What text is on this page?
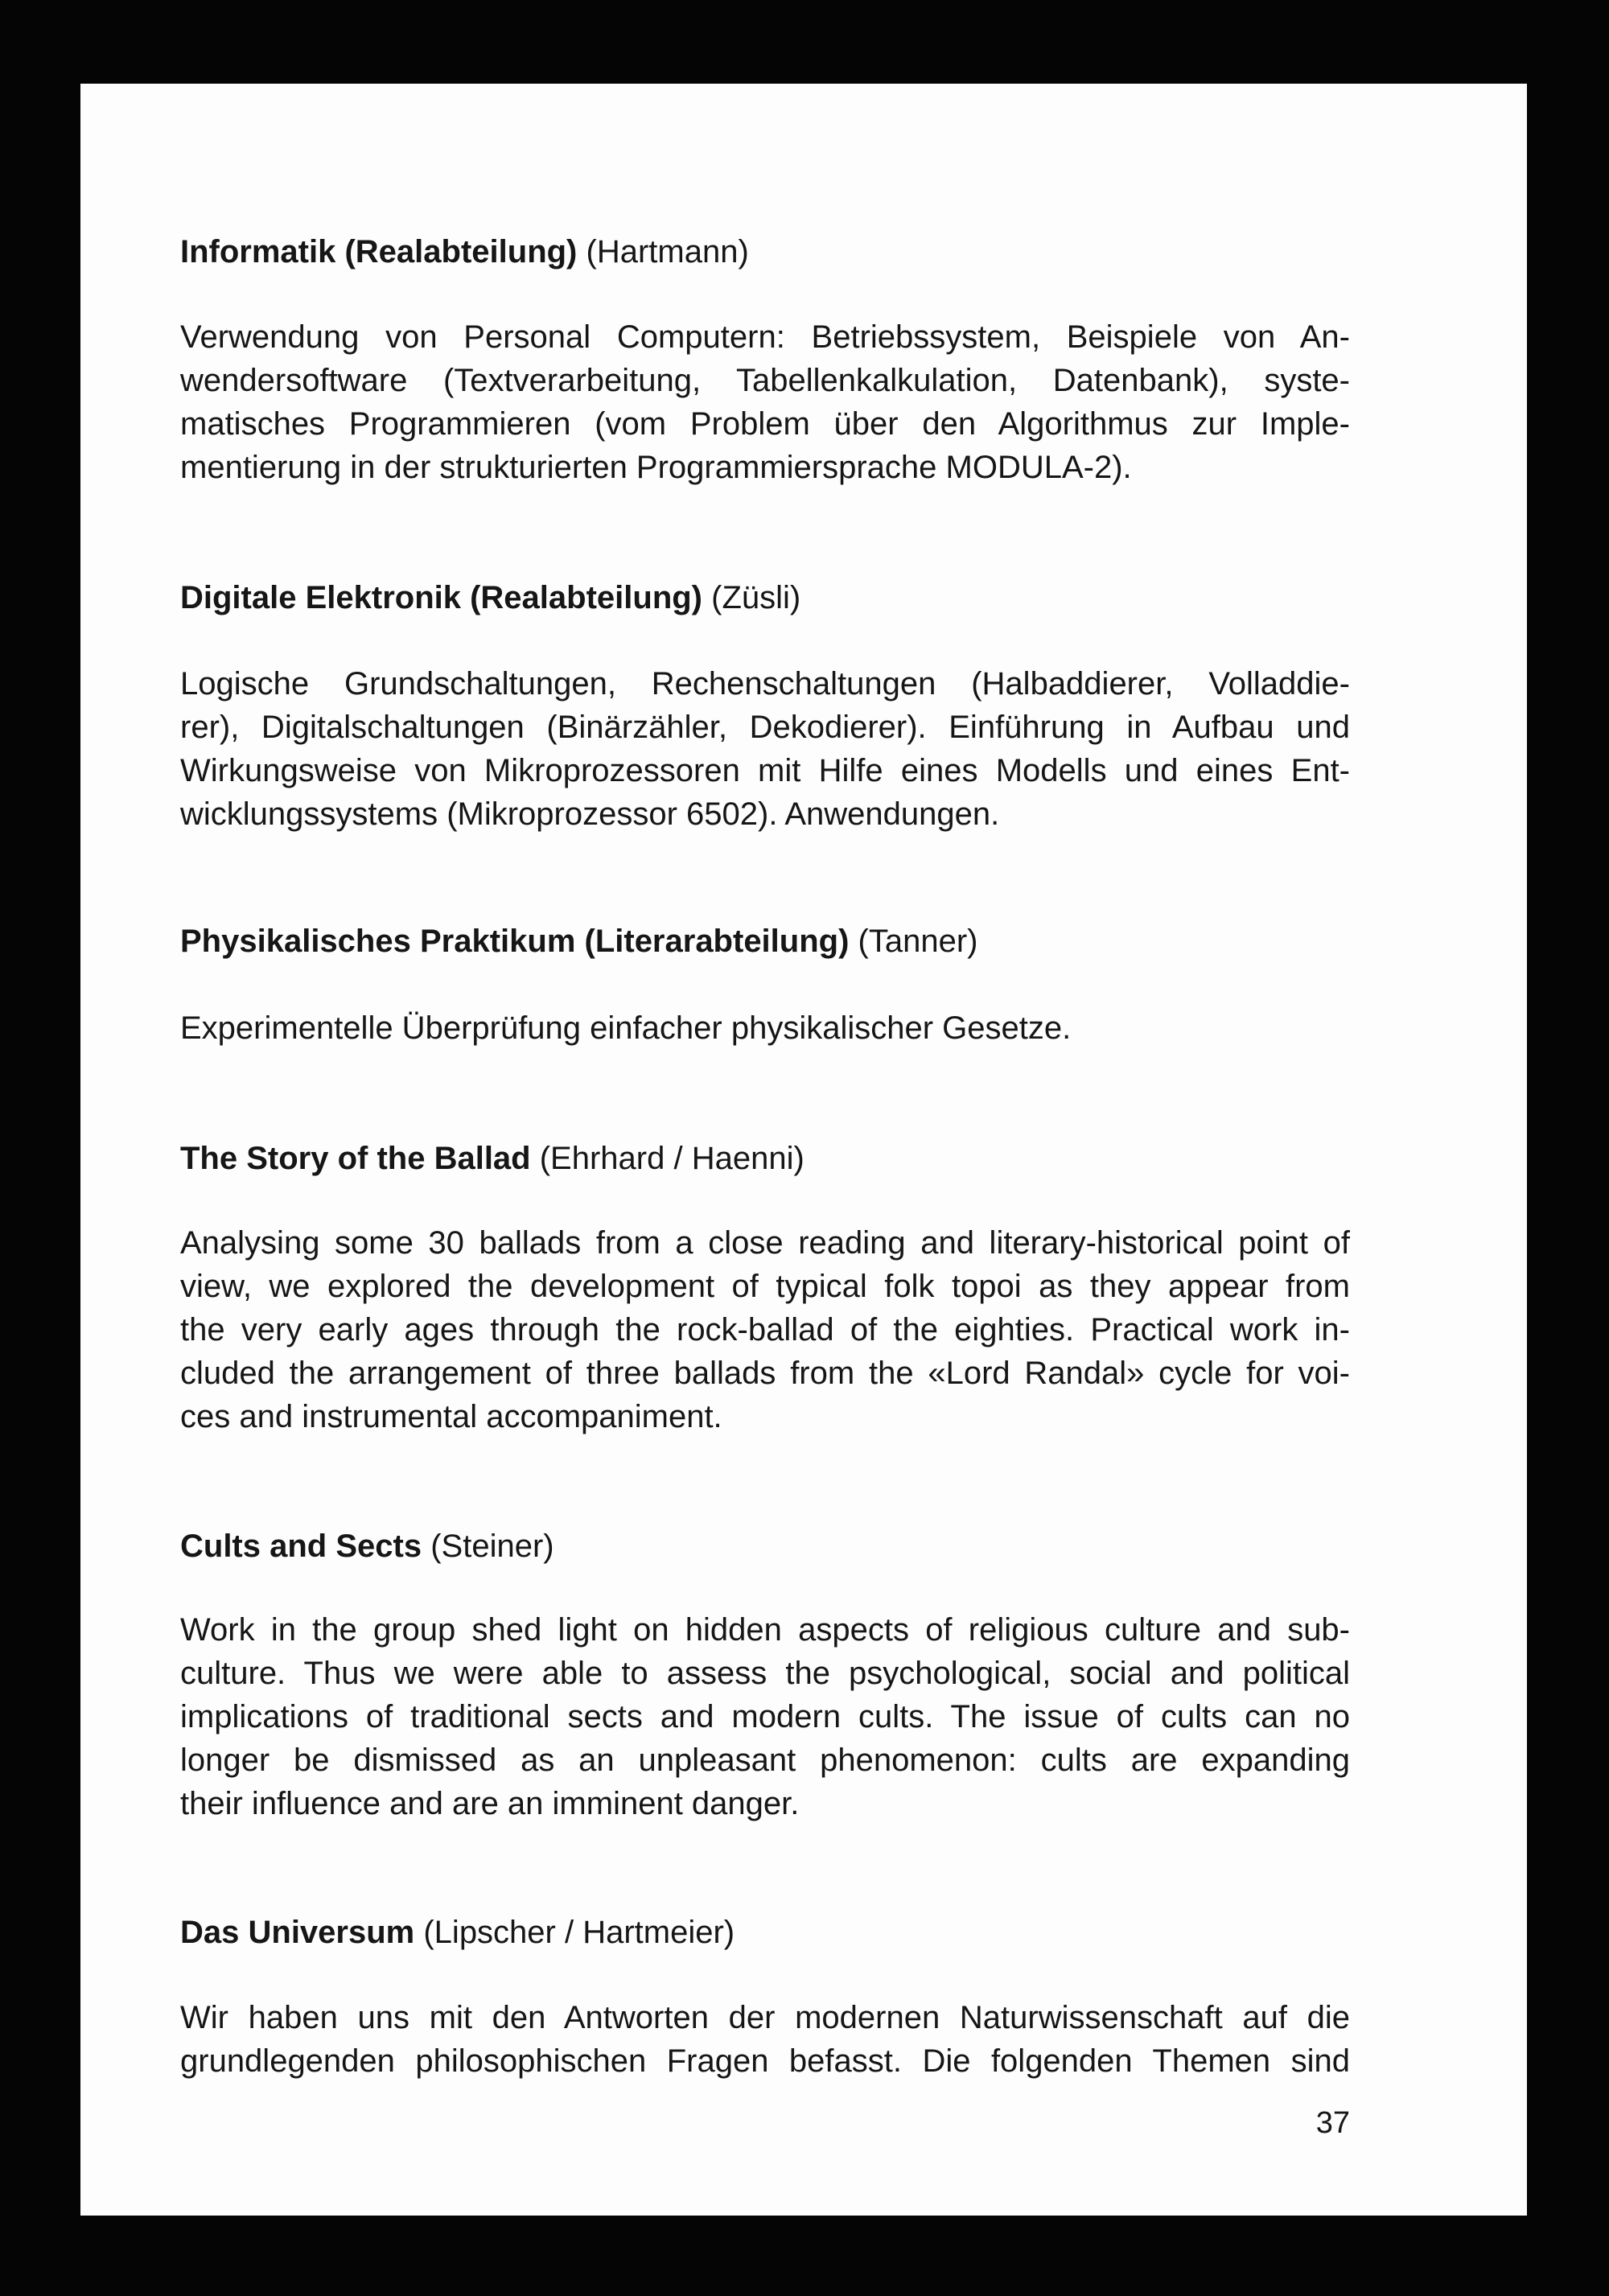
Informatik (Realabteilung) (Hartmann)
Verwendung von Personal Computern: Betriebssystem, Beispiele von An-
wendersoftware (Textverarbeitung, Tabellenkalkulation, Datenbank), syste-
matisches Programmieren (vom Problem über den Algorithmus zur Imple-
mentierung in der strukturierten Programmiersprache MODULA-2).
Digitale Elektronik (Realabteilung) (Züsli)
Logische Grundschaltungen, Rechenschaltungen (Halbaddierer, Volladdie-
rer), Digitalschaltungen (Binärzähler, Dekodierer). Einführung in Aufbau und
Wirkungsweise von Mikroprozessoren mit Hilfe eines Modells und eines Ent-
wicklungssystems (Mikroprozessor 6502). Anwendungen.
Physikalisches Praktikum (Literarabteilung) (Tanner)
Experimentelle Überprüfung einfacher physikalischer Gesetze.
The Story of the Ballad (Ehrhard / Haenni)
Analysing some 30 ballads from a close reading and literary-historical point of
view, we explored the development of typical folk topoi as they appear from
the very early ages through the rock-ballad of the eighties. Practical work in-
cluded the arrangement of three ballads from the «Lord Randal» cycle for voi-
ces and instrumental accompaniment.
Cults and Sects (Steiner)
Work in the group shed light on hidden aspects of religious culture and sub-
culture. Thus we were able to assess the psychological, social and political
implications of traditional sects and modern cults. The issue of cults can no
longer be dismissed as an unpleasant phenomenon: cults are expanding
their influence and are an imminent danger.
Das Universum (Lipscher / Hartmeier)
Wir haben uns mit den Antworten der modernen Naturwissenschaft auf die
grundlegenden philosophischen Fragen befasst. Die folgenden Themen sind
37
